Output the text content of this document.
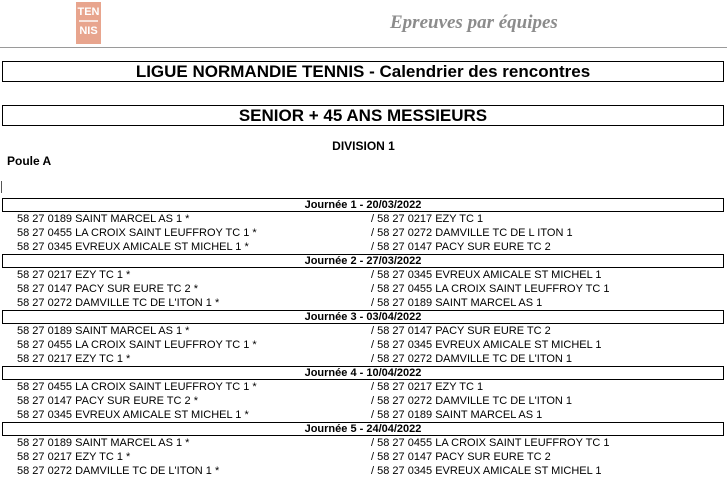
TEN
NIS	Epreuves par équipes
LIGUE NORMANDIE TENNIS - Calendrier des rencontres
SENIOR + 45 ANS MESSIEURS
DIVISION 1
Poule A
Journée 1 - 20/03/2022
58 27 0189 SAINT MARCEL AS 1 *	/ 58 27 0217 EZY TC 1
58 27 0455 LA CROIX SAINT LEUFFROY TC 1 *	/ 58 27 0272 DAMVILLE TC DE L ITON 1
58 27 0345 EVREUX AMICALE ST MICHEL 1 *	/ 58 27 0147 PACY SUR EURE TC 2
Journée 2 - 27/03/2022
58 27 0217 EZY TC 1 *	/ 58 27 0345 EVREUX AMICALE ST MICHEL 1
58 27 0147 PACY SUR EURE TC 2 *	/ 58 27 0455 LA CROIX SAINT LEUFFROY TC 1
58 27 0272 DAMVILLE TC DE L'ITON 1 *	/ 58 27 0189 SAINT MARCEL AS 1
Journée 3 - 03/04/2022
58 27 0189 SAINT MARCEL AS 1 *	/ 58 27 0147 PACY SUR EURE TC 2
58 27 0455 LA CROIX SAINT LEUFFROY TC 1 *	/ 58 27 0345 EVREUX AMICALE ST MICHEL 1
58 27 0217 EZY TC 1 *	/ 58 27 0272 DAMVILLE TC DE L'ITON 1
Journée 4 - 10/04/2022
58 27 0455 LA CROIX SAINT LEUFFROY TC 1 *	/ 58 27 0217 EZY TC 1
58 27 0147 PACY SUR EURE TC 2 *	/ 58 27 0272 DAMVILLE TC DE L'ITON 1
58 27 0345 EVREUX AMICALE ST MICHEL 1 *	/ 58 27 0189 SAINT MARCEL AS 1
Journée 5 - 24/04/2022
58 27 0189 SAINT MARCEL AS 1 *	/ 58 27 0455 LA CROIX SAINT LEUFFROY TC 1
58 27 0217 EZY TC 1 *	/ 58 27 0147 PACY SUR EURE TC 2
58 27 0272 DAMVILLE TC DE L'ITON 1 *	/ 58 27 0345 EVREUX AMICALE ST MICHEL 1
